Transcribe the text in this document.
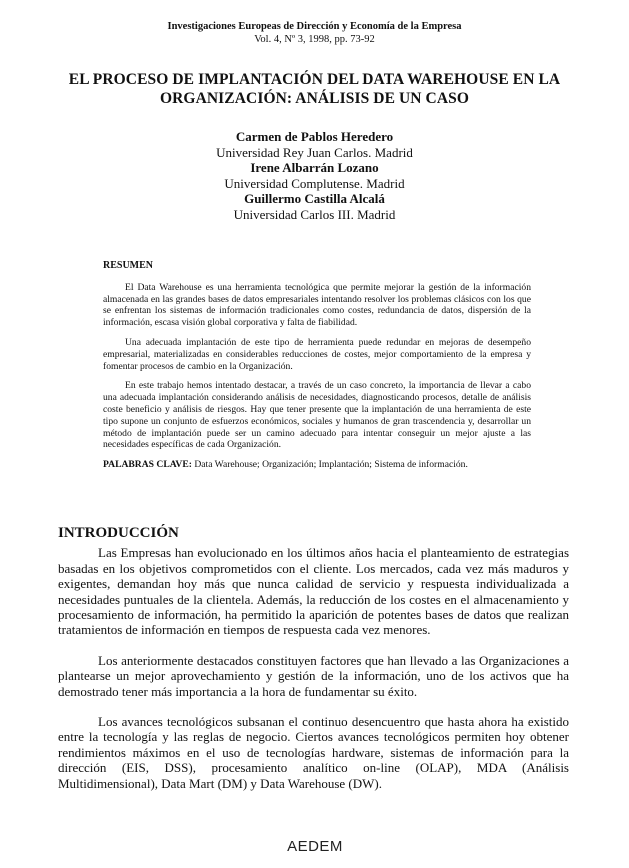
Investigaciones Europeas de Dirección y Economía de la Empresa
Vol. 4, Nº 3, 1998, pp. 73-92
EL PROCESO DE IMPLANTACIÓN DEL DATA WAREHOUSE EN LA ORGANIZACIÓN: ANÁLISIS DE UN CASO
Carmen de Pablos Heredero
Universidad Rey Juan Carlos. Madrid
Irene Albarrán Lozano
Universidad Complutense. Madrid
Guillermo Castilla Alcalá
Universidad Carlos III. Madrid
RESUMEN

El Data Warehouse es una herramienta tecnológica que permite mejorar la gestión de la información almacenada en las grandes bases de datos empresariales intentando resolver los problemas clásicos con los que se enfrentan los sistemas de información tradicionales como costes, redundancia de datos, dispersión de la información, escasa visión global corporativa y falta de fiabilidad.

Una adecuada implantación de este tipo de herramienta puede redundar en mejoras de desempeño empresarial, materializadas en considerables reducciones de costes, mejor comportamiento de la empresa y fomentar procesos de cambio en la Organización.

En este trabajo hemos intentado destacar, a través de un caso concreto, la importancia de llevar a cabo una adecuada implantación considerando análisis de necesidades, diagnosticando procesos, detalle de análisis coste beneficio y análisis de riesgos. Hay que tener presente que la implantación de una herramienta de este tipo supone un conjunto de esfuerzos económicos, sociales y humanos de gran trascendencia y, desarrollar un método de implantación puede ser un camino adecuado para intentar conseguir un mejor ajuste a las necesidades específicas de cada Organización.

PALABRAS CLAVE: Data Warehouse; Organización; Implantación; Sistema de información.

INTRODUCCIÓN

Las Empresas han evolucionado en los últimos años hacia el planteamiento de estrategias basadas en los objetivos comprometidos con el cliente. Los mercados, cada vez más maduros y exigentes, demandan hoy más que nunca calidad de servicio y respuesta individualizada a necesidades puntuales de la clientela. Además, la reducción de los costes en el almacenamiento y procesamiento de información, ha permitido la aparición de potentes bases de datos que realizan tratamientos de información en tiempos de respuesta cada vez menores.

Los anteriormente destacados constituyen factores que han llevado a las Organizaciones a plantearse un mejor aprovechamiento y gestión de la información, uno de los activos que ha demostrado tener más importancia a la hora de fundamentar su éxito.

Los avances tecnológicos subsanan el continuo desencuentro que hasta ahora ha existido entre la tecnología y las reglas de negocio. Ciertos avances tecnológicos permiten hoy obtener rendimientos máximos en el uso de tecnologías hardware, sistemas de información para la dirección (EIS, DSS), procesamiento analítico on-line (OLAP), MDA (Análisis Multidimensional), Data Mart (DM) y Data Warehouse (DW).

AEDEM
